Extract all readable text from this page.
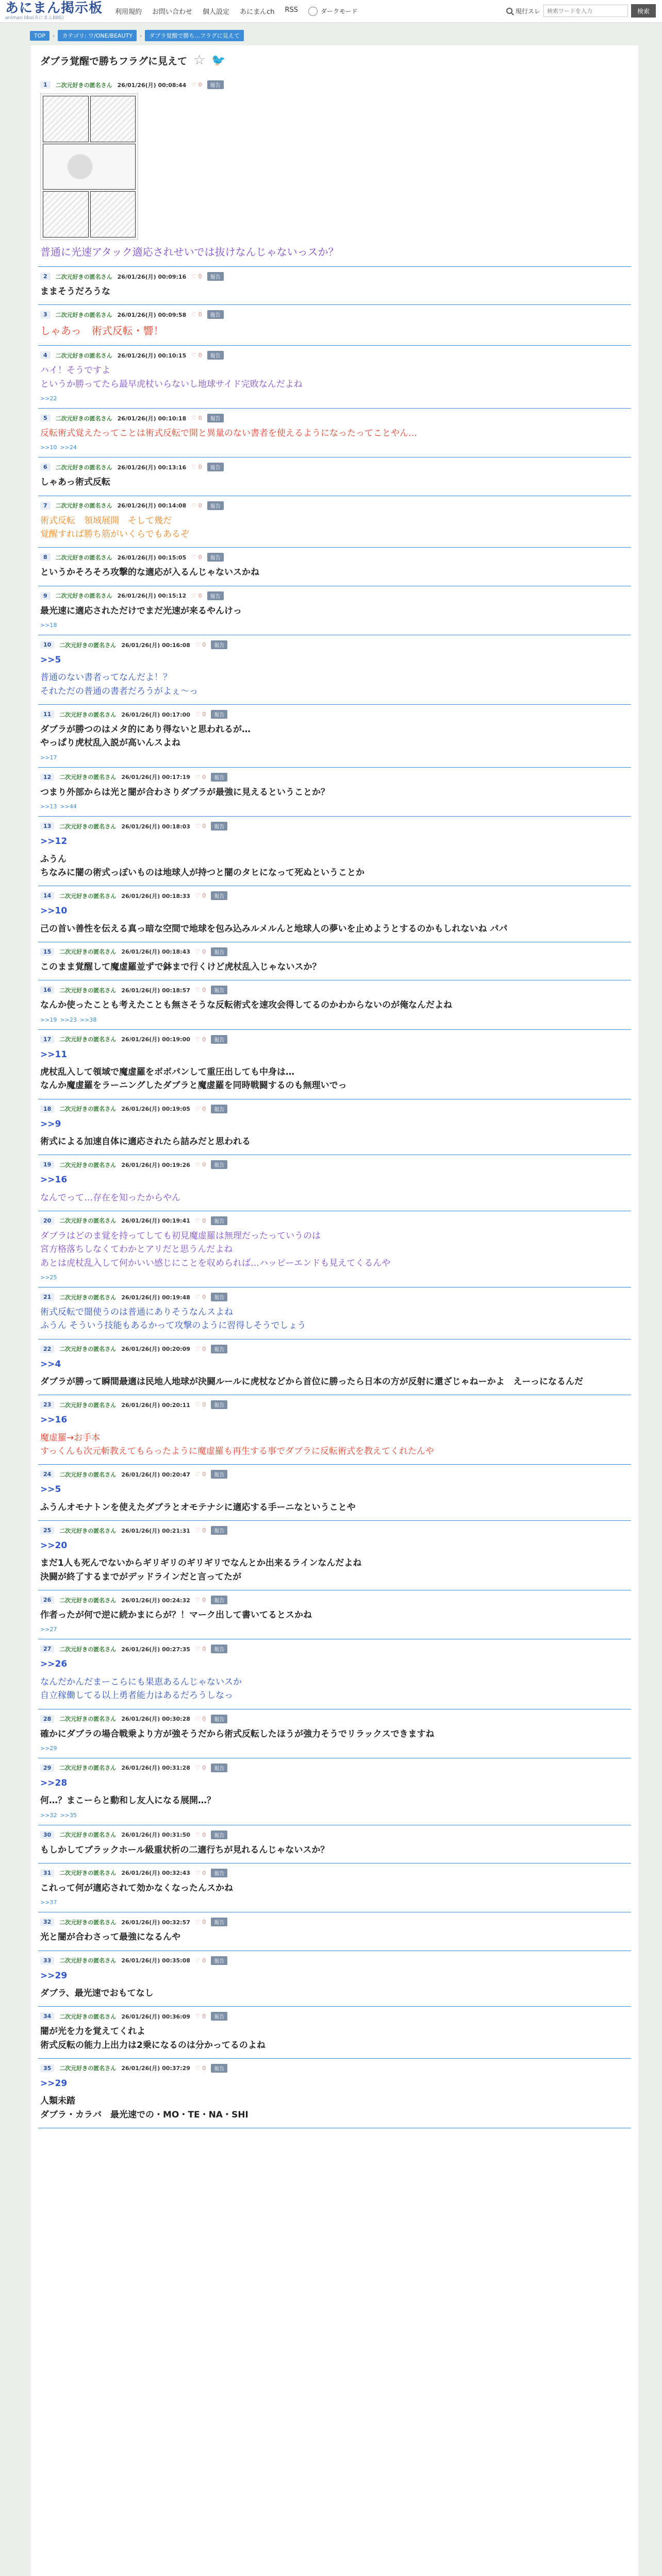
あにまん掲示板
animan bbs(あにまんBBS)
利用規約 お問い合わせ 個人設定 あにまんch RSS	ダークモード	現行スレ
検索ワードを入力	検索
TOP	›	カテゴリ: ワ/ONE/BEAUTY	›	ダブラ覚醒で勝ち...フラグに見えて
ダブラ覚醒で勝ちフラグに見えて ☆ 🐦
1	二次元好きの匿名さん 26/01/26(月) 00:08:44 ♡ 0	報告
普通に光速アタック適応されせいでは抜けなんじゃないっスか？
2	二次元好きの匿名さん 26/01/26(月) 00:09:16 ♡ 0	報告
ままそうだろうな
3	二次元好きの匿名さん 26/01/26(月) 00:09:58 ♡ 0	報告
しゃあっ　術式反転・響！
4	二次元好きの匿名さん 26/01/26(月) 00:10:15 ♡ 0	報告
ハイ！そうですよ
というか勝ってたら最早虎杖いらないし地球サイド完敗なんだよね
>>22
5	二次元好きの匿名さん 26/01/26(月) 00:10:18 ♡ 0	報告
反転術式覚えたってことは術式反転で開と異量のない書者を使えるようになったってことやん…
>>10 >>24
6	二次元好きの匿名さん 26/01/26(月) 00:13:16 ♡ 0	報告
しゃあっ術式反転
7	二次元好きの匿名さん 26/01/26(月) 00:14:08 ♡ 0	報告
術式反転　領域展開　そして幾だ
覚醒すれば勝ち筋がいくらでもあるぞ
8	二次元好きの匿名さん 26/01/26(月) 00:15:05 ♡ 0	報告
というかそろそろ攻撃的な適応が入るんじゃないスかね
9	二次元好きの匿名さん 26/01/26(月) 00:15:12 ♡ 0	報告
最光速に適応されただけでまだ光速が来るやんけっ
>>18
10	二次元好きの匿名さん 26/01/26(月) 00:16:08 ♡ 0	報告
>>5
普通のない書者ってなんだよ！？
それただの普通の書者だろうがよぇ～っ
11	二次元好きの匿名さん 26/01/26(月) 00:17:00 ♡ 0	報告
ダブラが勝つのはメタ的にあり得ないと思われるが…
やっぱり虎杖乱入説が高いんスよね
>>17
12	二次元好きの匿名さん 26/01/26(月) 00:17:19 ♡ 0	報告
つまり外部からは光と闇が合わさりダブラが最強に見えるということか？
>>13 >>44
13	二次元好きの匿名さん 26/01/26(月) 00:18:03 ♡ 0	報告
>>12
ふうん
ちなみに闇の術式っぽいものは地球人が持つと闇のタヒになって死ぬということか
14	二次元好きの匿名さん 26/01/26(月) 00:18:33 ♡ 0	報告
>>10
己の首い善性を伝える真っ暗な空間で地球を包み込みルメルんと地球人の夢いを止めようとするのかもしれないね パパ
15	二次元好きの匿名さん 26/01/26(月) 00:18:43 ♡ 0	報告
このまま覚醒して魔虚羅並ずで鉢まで行くけど虎杖乱入じゃないスか？
16	二次元好きの匿名さん 26/01/26(月) 00:18:57 ♡ 0	報告
なんか使ったことも考えたことも無さそうな反転術式を速攻会得してるのかわからないのが俺なんだよね
>>19 >>23 >>38
17	二次元好きの匿名さん 26/01/26(月) 00:19:00 ♡ 0	報告
>>11
虎杖乱入して領域で魔虚羅をボボパンして重圧出しても中身は…
なんか魔虚羅をラーニングしたダブラと魔虚羅を同時戦闘するのも無理いでっ
18	二次元好きの匿名さん 26/01/26(月) 00:19:05 ♡ 0	報告
>>9
術式による加速自体に適応されたら詰みだと思われる
19	二次元好きの匿名さん 26/01/26(月) 00:19:26 ♡ 0	報告
>>16
なんでって…存在を知ったからやん
20	二次元好きの匿名さん 26/01/26(月) 00:19:41 ♡ 0	報告
ダブラはどのま覚を持ってしても初見魔虚羅は無理だったっていうのは
宮方格落ちしなくてわかとアリだと思うんだよね
あとは虎杖乱入して何かいい感じにことを収められば…ハッピーエンドも見えてくるんや
>>25
21	二次元好きの匿名さん 26/01/26(月) 00:19:48 ♡ 0	報告
術式反転で闇使うのは普通にありそうなんスよね
ふうん そういう技能もあるかって攻撃のように習得しそうでしょう
22	二次元好きの匿名さん 26/01/26(月) 00:20:09 ♡ 0	報告
>>4
ダブラが勝って瞬間最適は民地人地球が決闘ルールに虎杖などから首位に勝ったら日本の方が反射に還ざじゃねーかよ　えーっになるんだ
23	二次元好きの匿名さん 26/01/26(月) 00:20:11 ♡ 0	報告
>>16
魔虚羅→お手本
すっくんも次元斬教えてもらったように魔虚羅も再生する事でダブラに反転術式を教えてくれたんや
24	二次元好きの匿名さん 26/01/26(月) 00:20:47 ♡ 0	報告
>>5
ふうんオモナトンを使えたダブラとオモテナシに適応する手ーニなということや
25	二次元好きの匿名さん 26/01/26(月) 00:21:31 ♡ 0	報告
>>20
まだ1人も死んでないからギリギリのギリギリでなんとか出来るラインなんだよね
決闘が終了するまでがデッドラインだと言ってたが
26	二次元好きの匿名さん 26/01/26(月) 00:24:32 ♡ 0	報告
作者ったが何で逆に続かまにらが？！マーク出して書いてるとスかね
>>27
27	二次元好きの匿名さん 26/01/26(月) 00:27:35 ♡ 0	報告
>>26
なんだかんだまーこらにも果恵あるんじゃないスか
自立稼働してる以上勇者能力はあるだろうしなっ
28	二次元好きの匿名さん 26/01/26(月) 00:30:28 ♡ 0	報告
確かにダブラの場合戦乗より方が強そうだから術式反転したほうが強力そうでリラックスできますね
>>29
29	二次元好きの匿名さん 26/01/26(月) 00:31:28 ♡ 0	報告
>>28
何…？まこーらと動和し友人になる展開…？
>>32 >>35
30	二次元好きの匿名さん 26/01/26(月) 00:31:50 ♡ 0	報告
もしかしてブラックホール級重状析の二適行ちが見れるんじゃないスか？
31	二次元好きの匿名さん 26/01/26(月) 00:32:43 ♡ 0	報告
これって何が適応されて効かなくなったんスかね
>>37
32	二次元好きの匿名さん 26/01/26(月) 00:32:57 ♡ 0	報告
光と闇が合わさって最強になるんや
33	二次元好きの匿名さん 26/01/26(月) 00:35:08 ♡ 0	報告
>>29
ダブラ、最光速でおもてなし
34	二次元好きの匿名さん 26/01/26(月) 00:36:09 ♡ 0	報告
闇が光を力を覚えてくれよ
術式反転の能力上出力は2乗になるのは分かってるのよね
35	二次元好きの匿名さん 26/01/26(月) 00:37:29 ♡ 0	報告
>>29
人類未踏
ダブラ・カラバ　最光速での・MO・TE・NA・SHI
